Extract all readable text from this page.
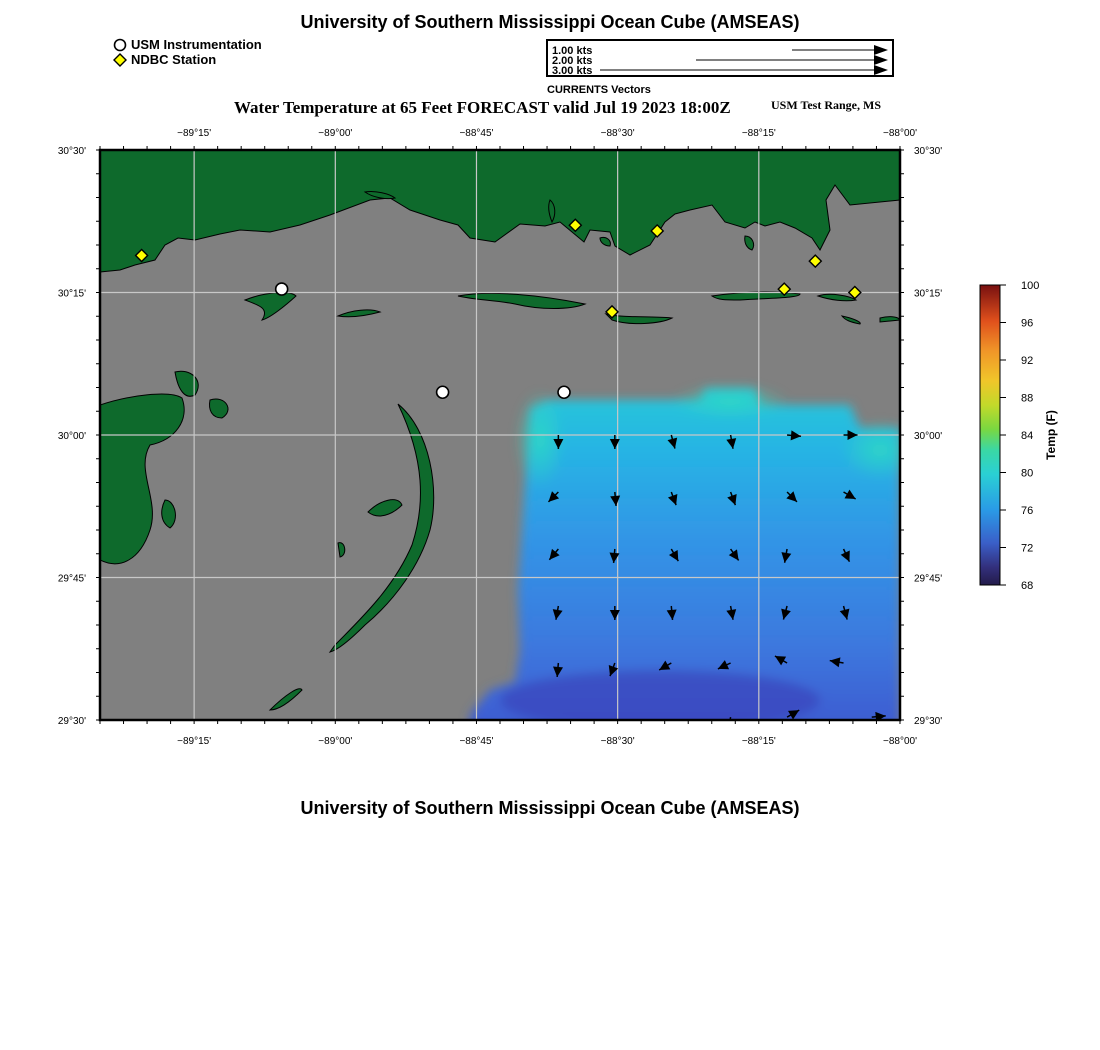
University of Southern Mississippi Ocean Cube (AMSEAS)
USM Instrumentation
NDBC Station
1.00 kts
2.00 kts
3.00 kts
CURRENTS Vectors
Water Temperature at 65 Feet FORECAST valid Jul 19 2023 18:00Z	USM Test Range, MS
−89°15'
−89°15'
−89°00'
−89°00'
−88°45'
−88°45'
−88°30'
−88°30'
−88°15'
−88°15'
−88°00'
−88°00'
30°30'	30°30'
30°15'	30°15'
30°00'	30°00'
29°45'	29°45'
29°30'	29°30'
100
96
92
88
84
80
76
72
68
Temp (F)
University of Southern Mississippi Ocean Cube (AMSEAS)
